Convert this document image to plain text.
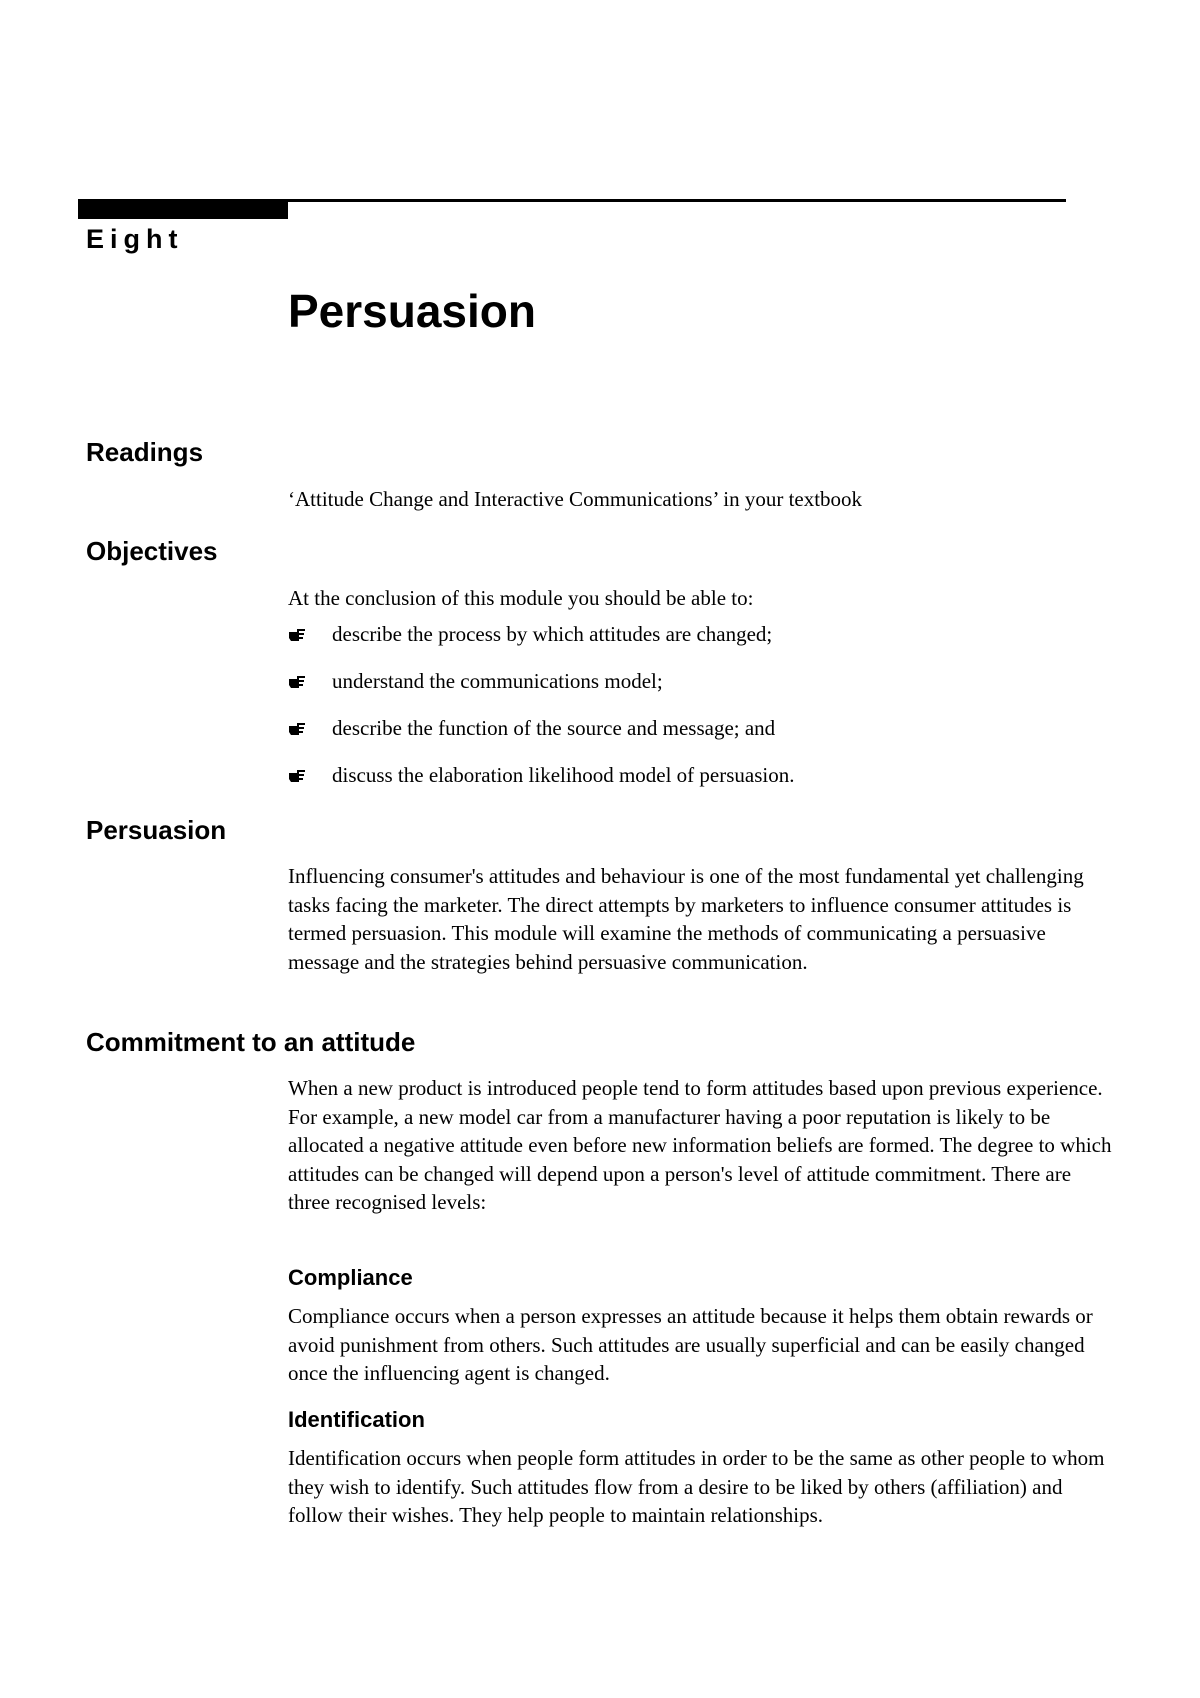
Eight

Persuasion
Readings

‘Attitude Change and Interactive Communications’ in your textbook

Objectives

At the conclusion of this module you should be able to:

describe the process by which attitudes are changed;
understand the communications model;
describe the function of the source and message; and
discuss the elaboration likelihood model of persuasion.
Persuasion

Influencing consumer's attitudes and behaviour is one of the most fundamental yet challenging tasks facing the marketer. The direct attempts by marketers to influence consumer attitudes is termed persuasion. This module will examine the methods of communicating a persuasive message and the strategies behind persuasive communication.

Commitment to an attitude

When a new product is introduced people tend to form attitudes based upon previous experience. For example, a new model car from a manufacturer having a poor reputation is likely to be allocated a negative attitude even before new information beliefs are formed. The degree to which attitudes can be changed will depend upon a person's level of attitude commitment. There are three recognised levels:

Compliance

Compliance occurs when a person expresses an attitude because it helps them obtain rewards or avoid punishment from others. Such attitudes are usually superficial and can be easily changed once the influencing agent is changed.

Identification

Identification occurs when people form attitudes in order to be the same as other people to whom they wish to identify. Such attitudes flow from a desire to be liked by others (affiliation) and follow their wishes. They help people to maintain relationships.
